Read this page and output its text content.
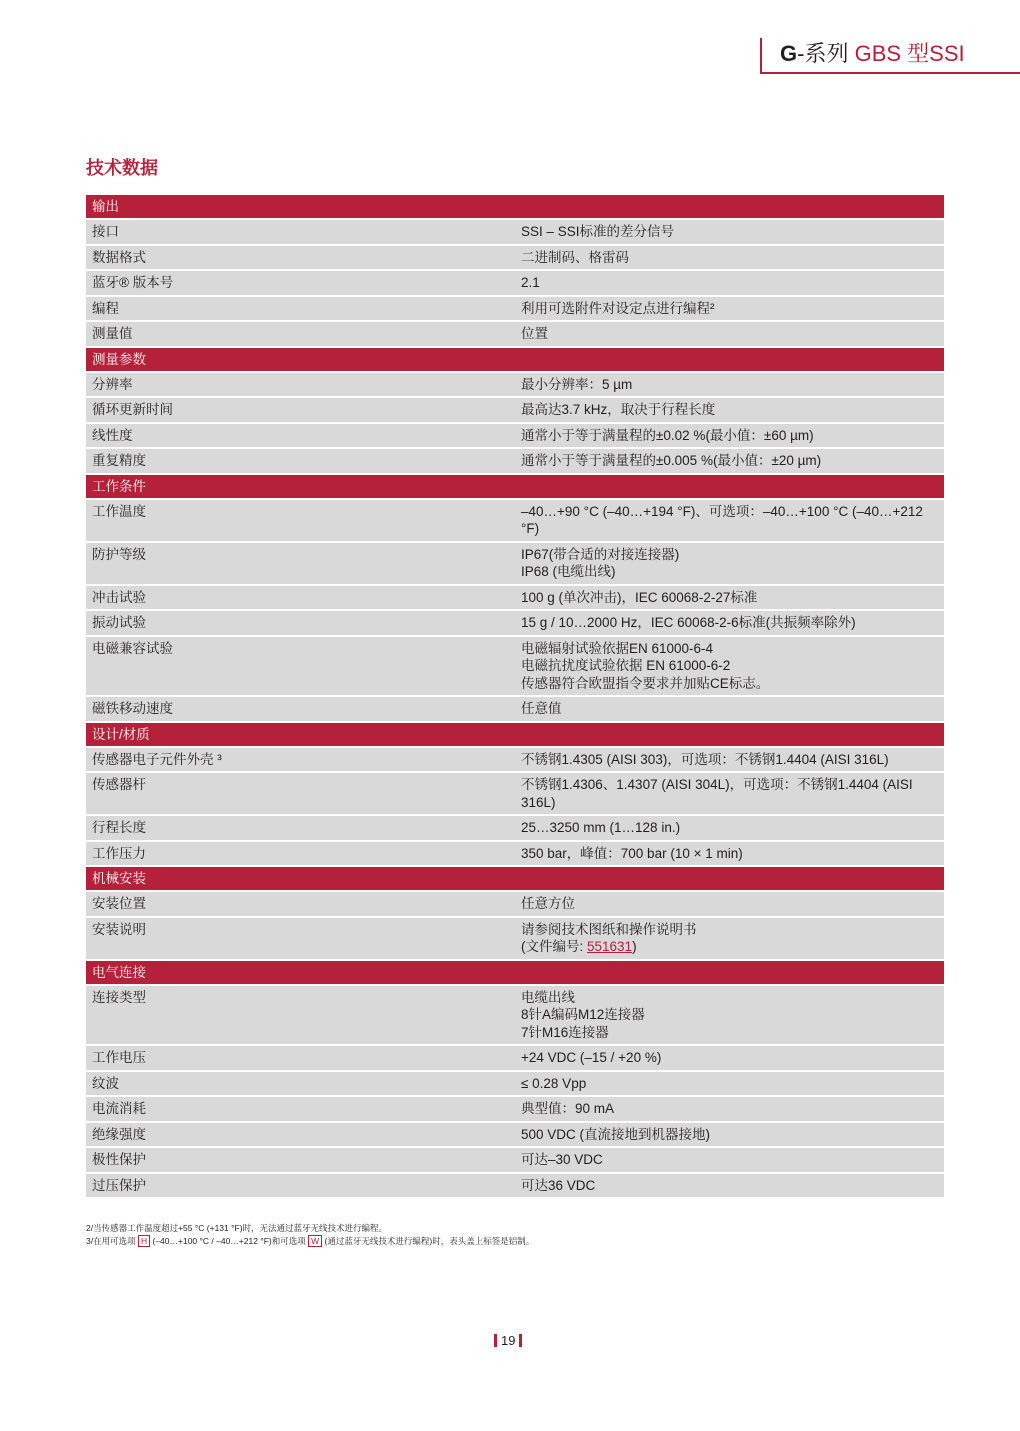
G-系列 GBS 型SSI
技术数据
输出	
接口	SSI – SSI标准的差分信号

数据格式	二进制码、格雷码

蓝牙® 版本号	2.1

编程	利用可选附件对设定点进行编程²

测量值	位置

测量参数	
分辨率	最小分辨率：5 µm

循环更新时间	最高达3.7 kHz，取决于行程长度

线性度	通常小于等于满量程的±0.02 %(最小值：±60 µm)

重复精度	通常小于等于满量程的±0.005 %(最小值：±20 µm)

工作条件	
工作温度	–40…+90 °C (–40…+194 °F)、可选项：–40…+100 °C (–40…+212 °F)

防护等级	IP67(带合适的对接连接器)
IP68 (电缆出线)

冲击试验	100 g (单次冲击)，IEC 60068-2-27标准

振动试验	15 g / 10…2000 Hz，IEC 60068-2-6标准(共振频率除外)

电磁兼容试验	电磁辐射试验依据EN 61000-6-4
电磁抗扰度试验依据 EN 61000-6-2
传感器符合欧盟指令要求并加贴CE标志。

磁铁移动速度	任意值

设计/材质	
传感器电子元件外壳 ³	不锈钢1.4305 (AISI 303)，可选项：不锈钢1.4404 (AISI 316L)

传感器杆	不锈钢1.4306、1.4307 (AISI 304L)，可选项：不锈钢1.4404 (AISI 316L)

行程长度	25…3250 mm (1…128 in.)

工作压力	350 bar，峰值：700 bar (10 × 1 min)

机械安装	
安装位置	任意方位

安装说明	请参阅技术图纸和操作说明书
(文件编号: 551631)

电气连接	
连接类型	电缆出线
8针A编码M12连接器
7针M16连接器

工作电压	+24 VDC (–15 / +20 %)

纹波	≤ 0.28 Vpp

电流消耗	典型值：90 mA

绝缘强度	500 VDC (直流接地到机器接地)

极性保护	可达–30 VDC

过压保护	可达36 VDC
2/当传感器工作温度超过+55 °C (+131 °F)时，无法通过蓝牙无线技术进行编程。
3/在用可选项 H (–40…+100 °C / –40…+212 °F)和可选项 W (通过蓝牙无线技术进行编程)时，表头盖上标签是铝制。
19
